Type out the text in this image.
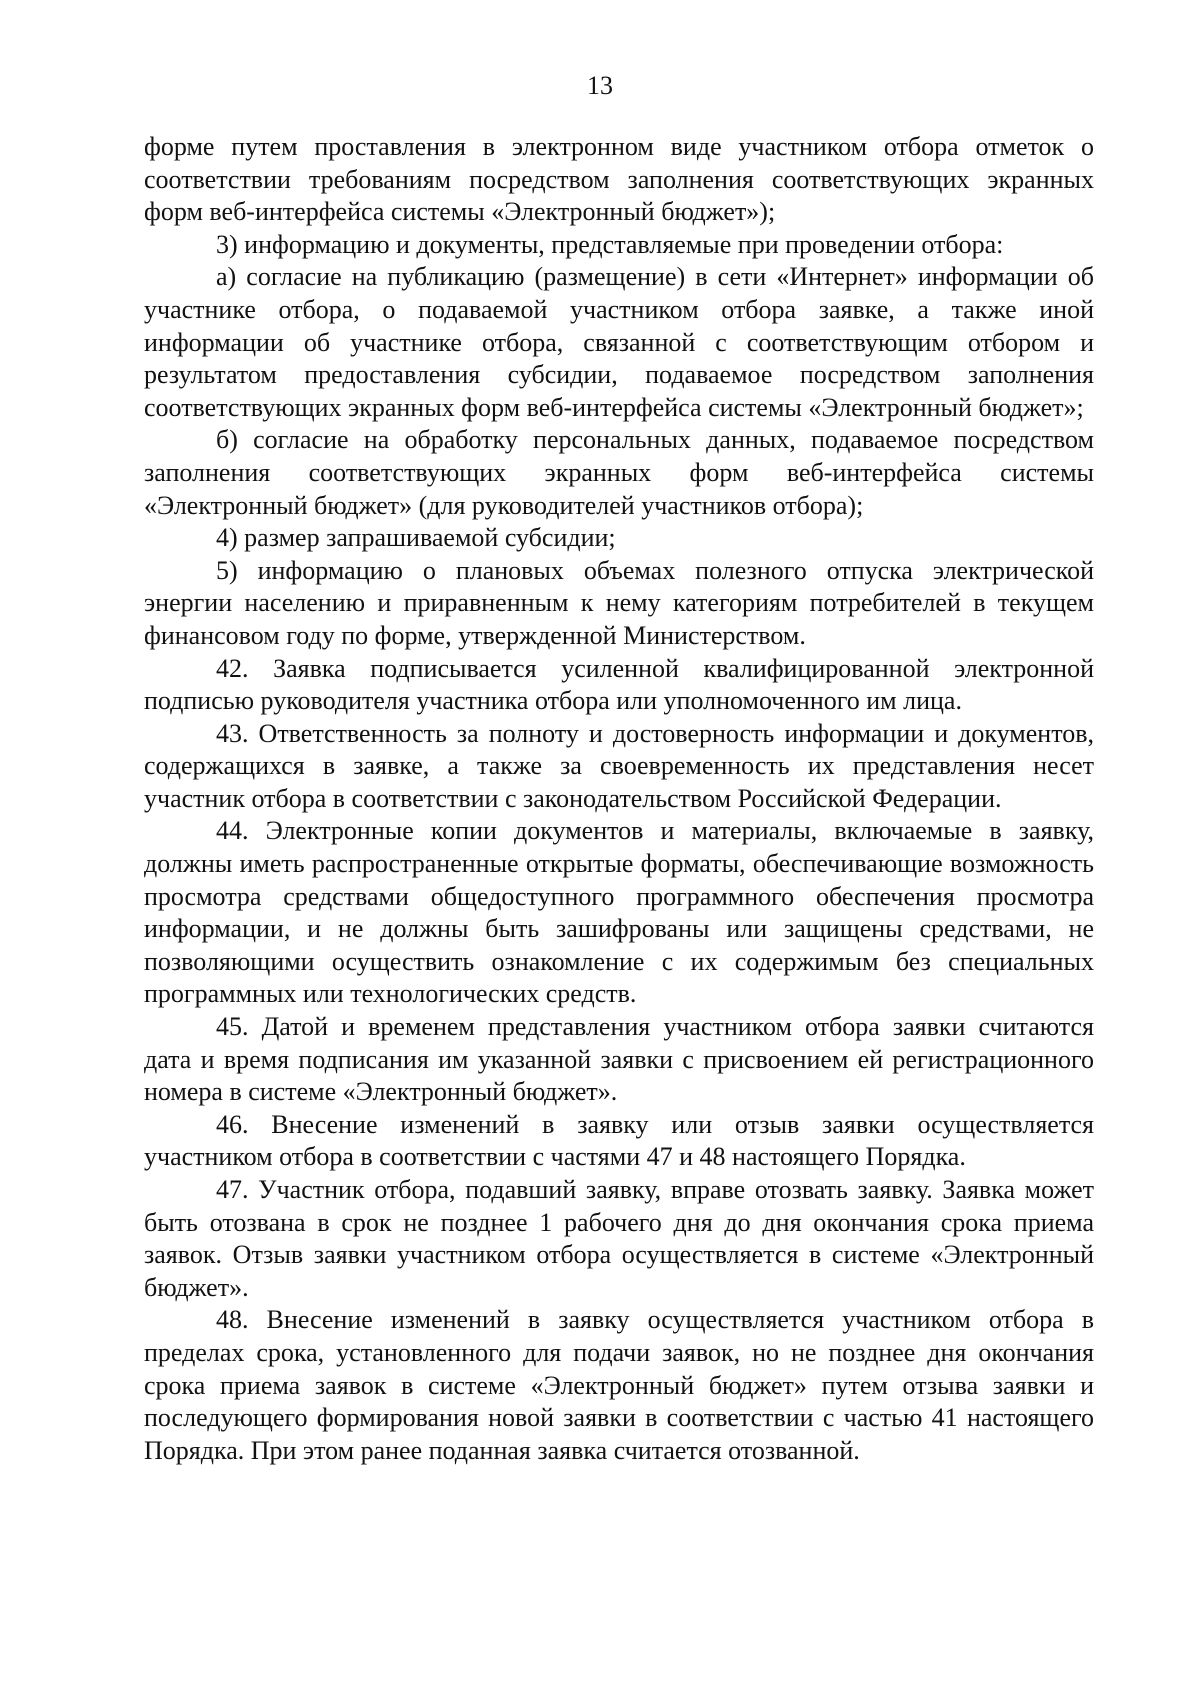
13

форме путем проставления в электронном виде участником отбора отметок о соответствии требованиям посредством заполнения соответствующих экранных форм веб-интерфейса системы «Электронный бюджет»);

3) информацию и документы, представляемые при проведении отбора:

а) согласие на публикацию (размещение) в сети «Интернет» информации об участнике отбора, о подаваемой участником отбора заявке, а также иной информации об участнике отбора, связанной с соответствующим отбором и результатом предоставления субсидии, подаваемое посредством заполнения соответствующих экранных форм веб-интерфейса системы «Электронный бюджет»;

б) согласие на обработку персональных данных, подаваемое посредством заполнения соответствующих экранных форм веб-интерфейса системы «Электронный бюджет» (для руководителей участников отбора);

4) размер запрашиваемой субсидии;

5) информацию о плановых объемах полезного отпуска электрической энергии населению и приравненным к нему категориям потребителей в текущем финансовом году по форме, утвержденной Министерством.

42. Заявка подписывается усиленной квалифицированной электронной подписью руководителя участника отбора или уполномоченного им лица.

43. Ответственность за полноту и достоверность информации и документов, содержащихся в заявке, а также за своевременность их представления несет участник отбора в соответствии с законодательством Российской Федерации.

44. Электронные копии документов и материалы, включаемые в заявку, должны иметь распространенные открытые форматы, обеспечивающие возможность просмотра средствами общедоступного программного обеспечения просмотра информации, и не должны быть зашифрованы или защищены средствами, не позволяющими осуществить ознакомление с их содержимым без специальных программных или технологических средств.

45. Датой и временем представления участником отбора заявки считаются дата и время подписания им указанной заявки с присвоением ей регистрационного номера в системе «Электронный бюджет».

46. Внесение изменений в заявку или отзыв заявки осуществляется участником отбора в соответствии с частями 47 и 48 настоящего Порядка.

47. Участник отбора, подавший заявку, вправе отозвать заявку. Заявка может быть отозвана в срок не позднее 1 рабочего дня до дня окончания срока приема заявок. Отзыв заявки участником отбора осуществляется в системе «Электронный бюджет».

48. Внесение изменений в заявку осуществляется участником отбора в пределах срока, установленного для подачи заявок, но не позднее дня окончания срока приема заявок в системе «Электронный бюджет» путем отзыва заявки и последующего формирования новой заявки в соответствии с частью 41 настоящего Порядка. При этом ранее поданная заявка считается отозванной.
